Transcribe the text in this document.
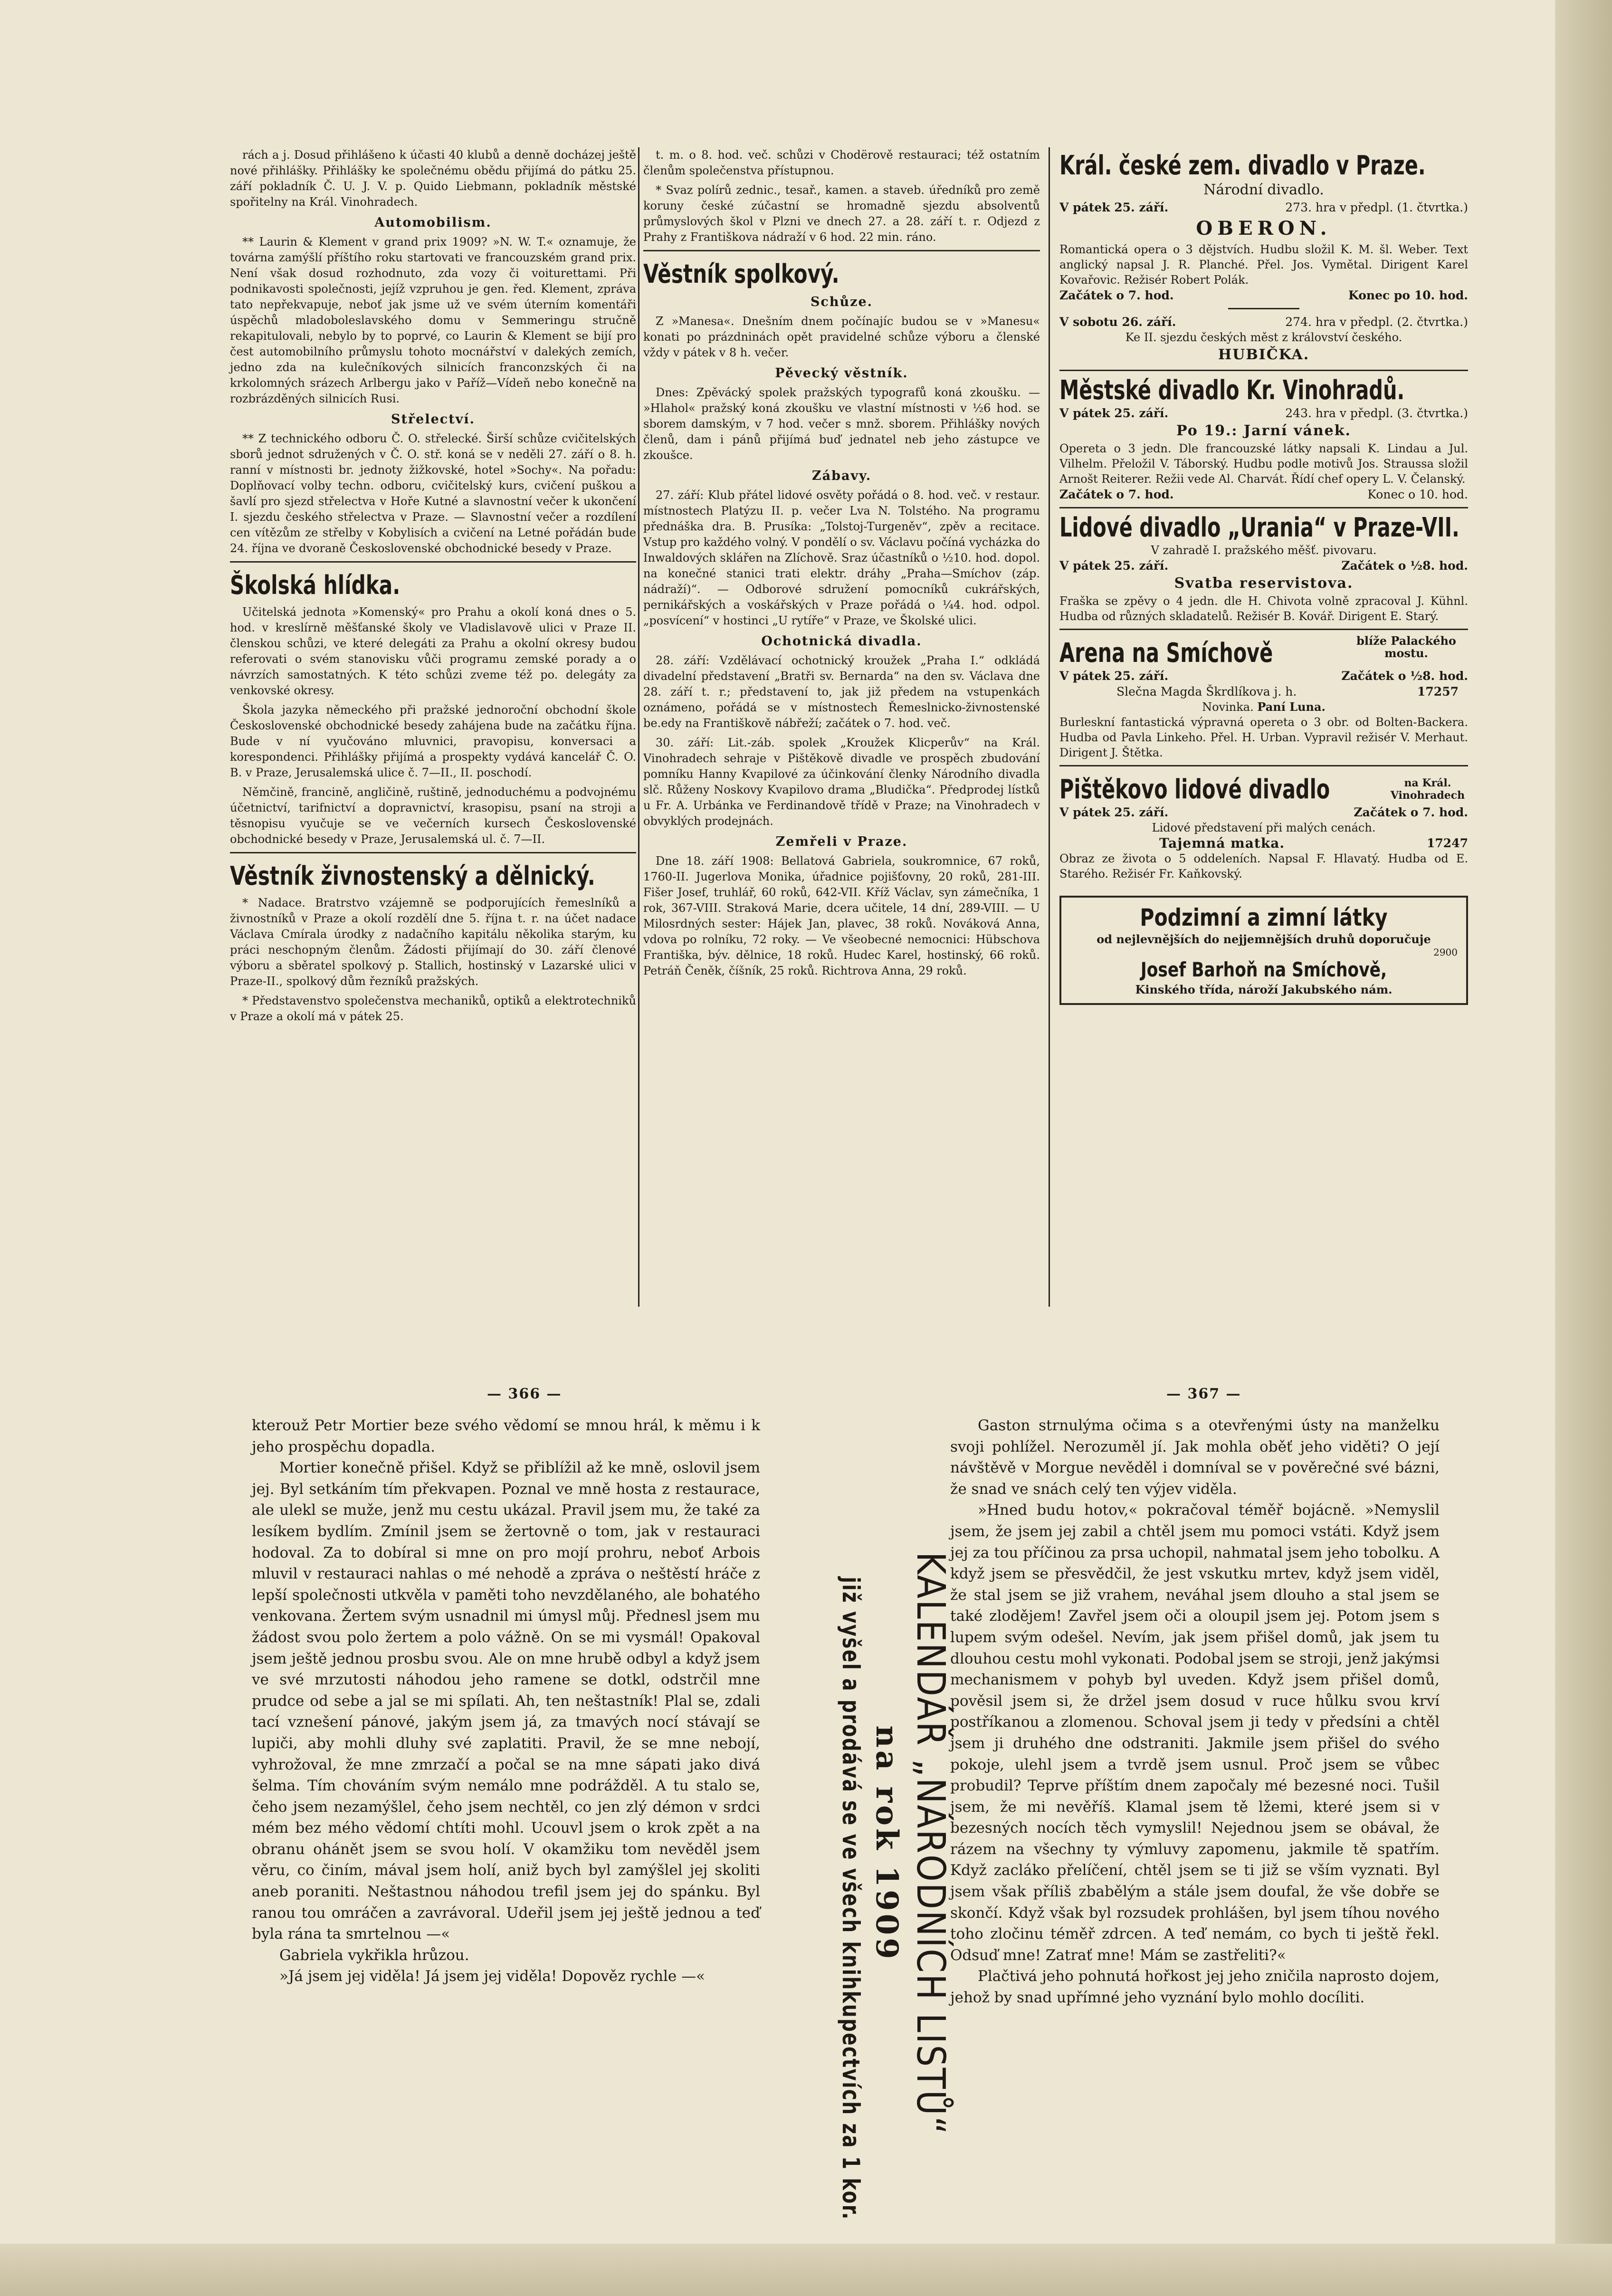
rách a j. Dosud přihlášeno k účasti 40 klubů a denně docházej ještě nové přihlášky. Přihlášky ke společnému obědu přijímá do pátku 25. září pokladník Č. U. J. V. p. Quido Liebmann, pokladník městské spořitelny na Král. Vinohradech.
Automobilism.
** Laurin & Klement v grand prix 1909? »N. W. T.« oznamuje, že továrna zamýšlí příštího roku startovati ve francouzském grand prix. Není však dosud rozhodnuto, zda vozy či voiturettami. Při podnikavosti společnosti, jejíž vzpruhou je gen. řed. Klement, zpráva tato nepřekvapuje, neboť jak jsme už ve svém úterním komentáři úspěchů mladoboleslavského domu v Semmeringu stručně rekapitulovali, nebylo by to poprvé, co Laurin & Klement se bijí pro čest automobilního průmyslu tohoto mocnářství v dalekých zemích, jedno zda na kulečníkových silnicích franconzských či na krkolomných srázech Arlbergu jako v Paříž—Vídeň nebo konečně na rozbrázděných silnicích Rusi.
Střelectví.
** Z technického odboru Č. O. střelecké. Širší schůze cvičitelských sborů jednot sdružených v Č. O. stř. koná se v neděli 27. září o 8. h. ranní v místnosti br. jednoty žižkovské, hotel »Sochy«. Na pořadu: Doplňovací volby techn. odboru, cvičitelský kurs, cvičení puškou a šavlí pro sjezd střelectva v Hoře Kutné a slavnostní večer k ukončení I. sjezdu českého střelectva v Praze. — Slavnostní večer a rozdílení cen vítězům ze střelby v Kobylisích a cvičení na Letné pořádán bude 24. října ve dvoraně Československé obchodnické besedy v Praze.
Školská hlídka.
Učitelská jednota »Komenský« pro Prahu a okolí koná dnes o 5. hod. v kreslírně měšťanské školy ve Vladislavově ulici v Praze II. členskou schůzi, ve které delegáti za Prahu a okolní okresy budou referovati o svém stanovisku vůči programu zemské porady a o návrzích samostatných. K této schůzi zveme též po. delegáty za venkovské okresy.
Škola jazyka německého při pražské jednoroční obchodní škole Československé obchodnické besedy zahájena bude na začátku října. Bude v ní vyučováno mluvnici, pravopisu, konversaci a korespondenci. Přihlášky přijímá a prospekty vydává kancelář Č. O. B. v Praze, Jerusalemská ulice č. 7—II., II. poschodí.
Němčině, francině, angličině, ruštině, jednoduchému a podvojnému účetnictví, tarifnictví a dopravnictví, krasopisu, psaní na stroji a těsnopisu vyučuje se ve večerních kursech Československé obchodnické besedy v Praze, Jerusalemská ul. č. 7—II.
Věstník živnostenský a dělnický.
* Nadace. Bratrstvo vzájemně se podporujících řemeslníků a živnostníků v Praze a okolí rozdělí dne 5. října t. r. na účet nadace Václava Cmírala úrodky z nadačního kapitálu několika starým, ku práci neschopným členům. Žádosti přijímají do 30. září členové výboru a sběratel spolkový p. Stallich, hostinský v Lazarské ulici v Praze-II., spolkový dům řezníků pražských.
* Představenstvo společenstva mechaniků, optiků a elektrotechniků v Praze a okolí má v pátek 25.
t. m. o 8. hod. več. schůzi v Chodërově restauraci; též ostatním členům společenstva přístupnou.
* Svaz polírů zednic., tesař., kamen. a staveb. úředníků pro země koruny české zúčastní se hromadně sjezdu absolventů průmyslových škol v Plzni ve dnech 27. a 28. září t. r. Odjezd z Prahy z Františkova nádraží v 6 hod. 22 min. ráno.
Věstník spolkový.
Schůze.
Z »Manesa«. Dnešním dnem počínajíc budou se v »Manesu« konati po prázdninách opět pravidelné schůze výboru a členské vždy v pátek v 8 h. večer.
Pěvecký věstník.
Dnes: Zpěvácký spolek pražských typografů koná zkoušku. — »Hlahol« pražský koná zkoušku ve vlastní místnosti v ½6 hod. se sborem damským, v 7 hod. večer s mnž. sborem. Přihlášky nových členů, dam i pánů přijímá buď jednatel neb jeho zástupce ve zkoušce.
Zábavy.
27. září: Klub přátel lidové osvěty pořádá o 8. hod. več. v restaur. místnostech Platýzu II. p. večer Lva N. Tolstého. Na programu přednáška dra. B. Prusíka: „Tolstoj-Turgeněv“, zpěv a recitace. Vstup pro každého volný. V pondělí o sv. Václavu počíná vycházka do Inwaldových sklářen na Zlíchově. Sraz účastníků o ½10. hod. dopol. na konečné stanici trati elektr. dráhy „Praha—Smíchov (záp. nádraží)“. — Odborové sdružení pomocníků cukrářských, pernikářských a voskářských v Praze pořádá o ¼4. hod. odpol. „posvícení“ v hostinci „U rytíře“ v Praze, ve Školské ulici.
Ochotnická divadla.
28. září: Vzdělávací ochotnický kroužek „Praha I.“ odkládá divadelní představení „Bratři sv. Bernarda“ na den sv. Václava dne 28. září t. r.; představení to, jak již předem na vstupenkách oznámeno, pořádá se v místnostech Řemeslnicko-živnostenské be.edy na Františkově nábřeží; začátek o 7. hod. več.
30. září: Lit.-záb. spolek „Kroužek Klicperův“ na Král. Vinohradech sehraje v Pištěkově divadle ve prospěch zbudování pomníku Hanny Kvapilové za účinkování členky Národního divadla slč. Růženy Noskovy Kvapilovo drama „Bludička“. Předprodej lístků u Fr. A. Urbánka ve Ferdinandově třídě v Praze; na Vinohradech v obvyklých prodejnách.
Zemřeli v Praze.
Dne 18. září 1908: Bellatová Gabriela, soukromnice, 67 roků, 1760-II. Jugerlova Monika, úřadnice pojišťovny, 20 roků, 281-III. Fišer Josef, truhlář, 60 roků, 642-VII. Kříž Václav, syn zámečníka, 1 rok, 367-VIII. Straková Marie, dcera učitele, 14 dní, 289-VIII. — U Milosrdných sester: Hájek Jan, plavec, 38 roků. Nováková Anna, vdova po rolníku, 72 roky. — Ve všeobecné nemocnici: Hübschova Františka, býv. dělnice, 18 roků. Hudec Karel, hostinský, 66 roků. Petráň Čeněk, číšník, 25 roků. Richtrova Anna, 29 roků.
Král. české zem. divadlo v Praze.
Národní divadlo.
V pátek 25. září.	273. hra v předpl. (1. čtvrtka.)
OBERON.
Romantická opera o 3 dějstvích. Hudbu složil K. M. šl. Weber. Text anglický napsal J. R. Planché. Přel. Jos. Vymětal. Dirigent Karel Kovařovic. Režisér Robert Polák.
Začátek o 7. hod.	Konec po 10. hod.
V sobotu 26. září.	274. hra v předpl. (2. čtvrtka.)
Ke II. sjezdu českých měst z království českého.
HUBIČKA.
Městské divadlo Kr. Vinohradů.
V pátek 25. září.	243. hra v předpl. (3. čtvrtka.)
Po 19.: Jarní vánek.
Opereta o 3 jedn. Dle francouzské látky napsali K. Lindau a Jul. Vilhelm. Přeložil V. Táborský. Hudbu podle motivů Jos. Straussa složil Arnošt Reiterer. Režii vede Al. Charvát. Řídí chef opery L. V. Čelanský.
Začátek o 7. hod.	Konec o 10. hod.
Lidové divadlo „Urania“ v Praze-VII.
V zahradě I. pražského měšť. pivovaru.
V pátek 25. září.	Začátek o ½8. hod.
Svatba reservistova.
Fraška se zpěvy o 4 jedn. dle H. Chivota volně zpracoval J. Kühnl. Hudba od různých skladatelů. Režisér B. Kovář. Dirigent E. Starý.
Arena na Smíchově	blíže Palackého mostu.
V pátek 25. září.	Začátek o ½8. hod.
Slečna Magda Škrdlíkova j. h.	17257
Novinka. Paní Luna.
Burleskní fantastická výpravná opereta o 3 obr. od Bolten-Backera. Hudba od Pavla Linkeho. Přel. H. Urban. Vypravil režisér V. Merhaut. Dirigent J. Štětka.
Pištěkovo lidové divadlo	na Král. Vinohradech
V pátek 25. září.	Začátek o 7. hod.
Lidové představení při malých cenách.
Tajemná matka.	17247
Obraz ze života o 5 oddeleních. Napsal F. Hlavatý. Hudba od E. Starého. Režisér Fr. Kaňkovský.
Podzimní a zimní látky
od nejlevnějších do nejjemnějších druhů doporučuje
2900
Josef Barhoň na Smíchově,
Kinského třída, nároží Jakubského nám.
— 366 —	— 367 —
kterouž Petr Mortier beze svého vědomí se mnou hrál, k měmu i k jeho prospěchu dopadla.
Mortier konečně přišel. Když se přiblížil až ke mně, oslovil jsem jej. Byl setkáním tím překvapen. Poznal ve mně hosta z restaurace, ale ulekl se muže, jenž mu cestu ukázal. Pravil jsem mu, že také za lesíkem bydlím. Zmínil jsem se žertovně o tom, jak v restauraci hodoval. Za to dobíral si mne on pro mojí prohru, neboť Arbois mluvil v restauraci nahlas o mé nehodě a zpráva o neštěstí hráče z lepší společnosti utkvěla v paměti toho nevzdělaného, ale bohatého venkovana. Žertem svým usnadnil mi úmysl můj. Přednesl jsem mu žádost svou polo žertem a polo vážně. On se mi vysmál! Opakoval jsem ještě jednou prosbu svou. Ale on mne hrubě odbyl a když jsem ve své mrzutosti náhodou jeho ramene se dotkl, odstrčil mne prudce od sebe a jal se mi spílati. Ah, ten neštastník! Plal se, zdali tací vznešení pánové, jakým jsem já, za tmavých nocí stávají se lupiči, aby mohli dluhy své zaplatiti. Pravil, že se mne nebojí, vyhrožoval, že mne zmrzačí a počal se na mne sápati jako divá šelma. Tím chováním svým nemálo mne podrážděl. A tu stalo se, čeho jsem nezamýšlel, čeho jsem nechtěl, co jen zlý démon v srdci mém bez mého vědomí chtíti mohl. Ucouvl jsem o krok zpět a na obranu ohánět jsem se svou holí. V okamžiku tom nevěděl jsem věru, co činím, mával jsem holí, aniž bych byl zamýšlel jej skoliti aneb poraniti. Neštastnou náhodou trefil jsem jej do spánku. Byl ranou tou omráčen a zavrávoral. Udeřil jsem jej ještě jednou a teď byla rána ta smrtelnou —«
Gabriela vykřikla hrůzou.
»Já jsem jej viděla! Já jsem jej viděla! Dopověz rychle —«	KALENDÁŘ „NÁRODNÍCH LISTŮ“
na rok 1909
již vyšel a prodává se ve všech knihkupectvích za 1 kor.
Gaston strnulýma očima s a otevřenými ústy na manželku svoji pohlížel. Nerozuměl jí. Jak mohla oběť jeho viděti? O její návštěvě v Morgue nevěděl i domníval se v pověrečné své bázni, že snad ve snách celý ten výjev viděla.
»Hned budu hotov,« pokračoval téměř bojácně. »Nemyslil jsem, že jsem jej zabil a chtěl jsem mu pomoci vstáti. Když jsem jej za tou příčinou za prsa uchopil, nahmatal jsem jeho tobolku. A když jsem se přesvědčil, že jest vskutku mrtev, když jsem viděl, že stal jsem se již vrahem, neváhal jsem dlouho a stal jsem se také zlodějem! Zavřel jsem oči a oloupil jsem jej. Potom jsem s lupem svým odešel. Nevím, jak jsem přišel domů, jak jsem tu dlouhou cestu mohl vykonati. Podobal jsem se stroji, jenž jakýmsi mechanismem v pohyb byl uveden. Když jsem přišel domů, pověsil jsem si, že držel jsem dosud v ruce hůlku svou krví postříkanou a zlomenou. Schoval jsem ji tedy v předsíni a chtěl jsem ji druhého dne odstraniti. Jakmile jsem přišel do svého pokoje, ulehl jsem a tvrdě jsem usnul. Proč jsem se vůbec probudil? Teprve příštím dnem započaly mé bezesné noci. Tušil jsem, že mi nevěříš. Klamal jsem tě lžemi, které jsem si v bezesných nocích těch vymyslil! Nejednou jsem se obával, že rázem na všechny ty výmluvy zapomenu, jakmile tě spatřím. Když zacláko přelíčení, chtěl jsem se ti již se vším vyznati. Byl jsem však příliš zbabělým a stále jsem doufal, že vše dobře se skončí. Když však byl rozsudek prohlášen, byl jsem tíhou nového toho zločinu téměř zdrcen. A teď nemám, co bych ti ještě řekl. Odsuď mne! Zatrať mne! Mám se zastřeliti?«
Plačtivá jeho pohnutá hořkost jej jeho zničila naprosto dojem, jehož by snad upřímné jeho vyznání bylo mohlo docíliti.
